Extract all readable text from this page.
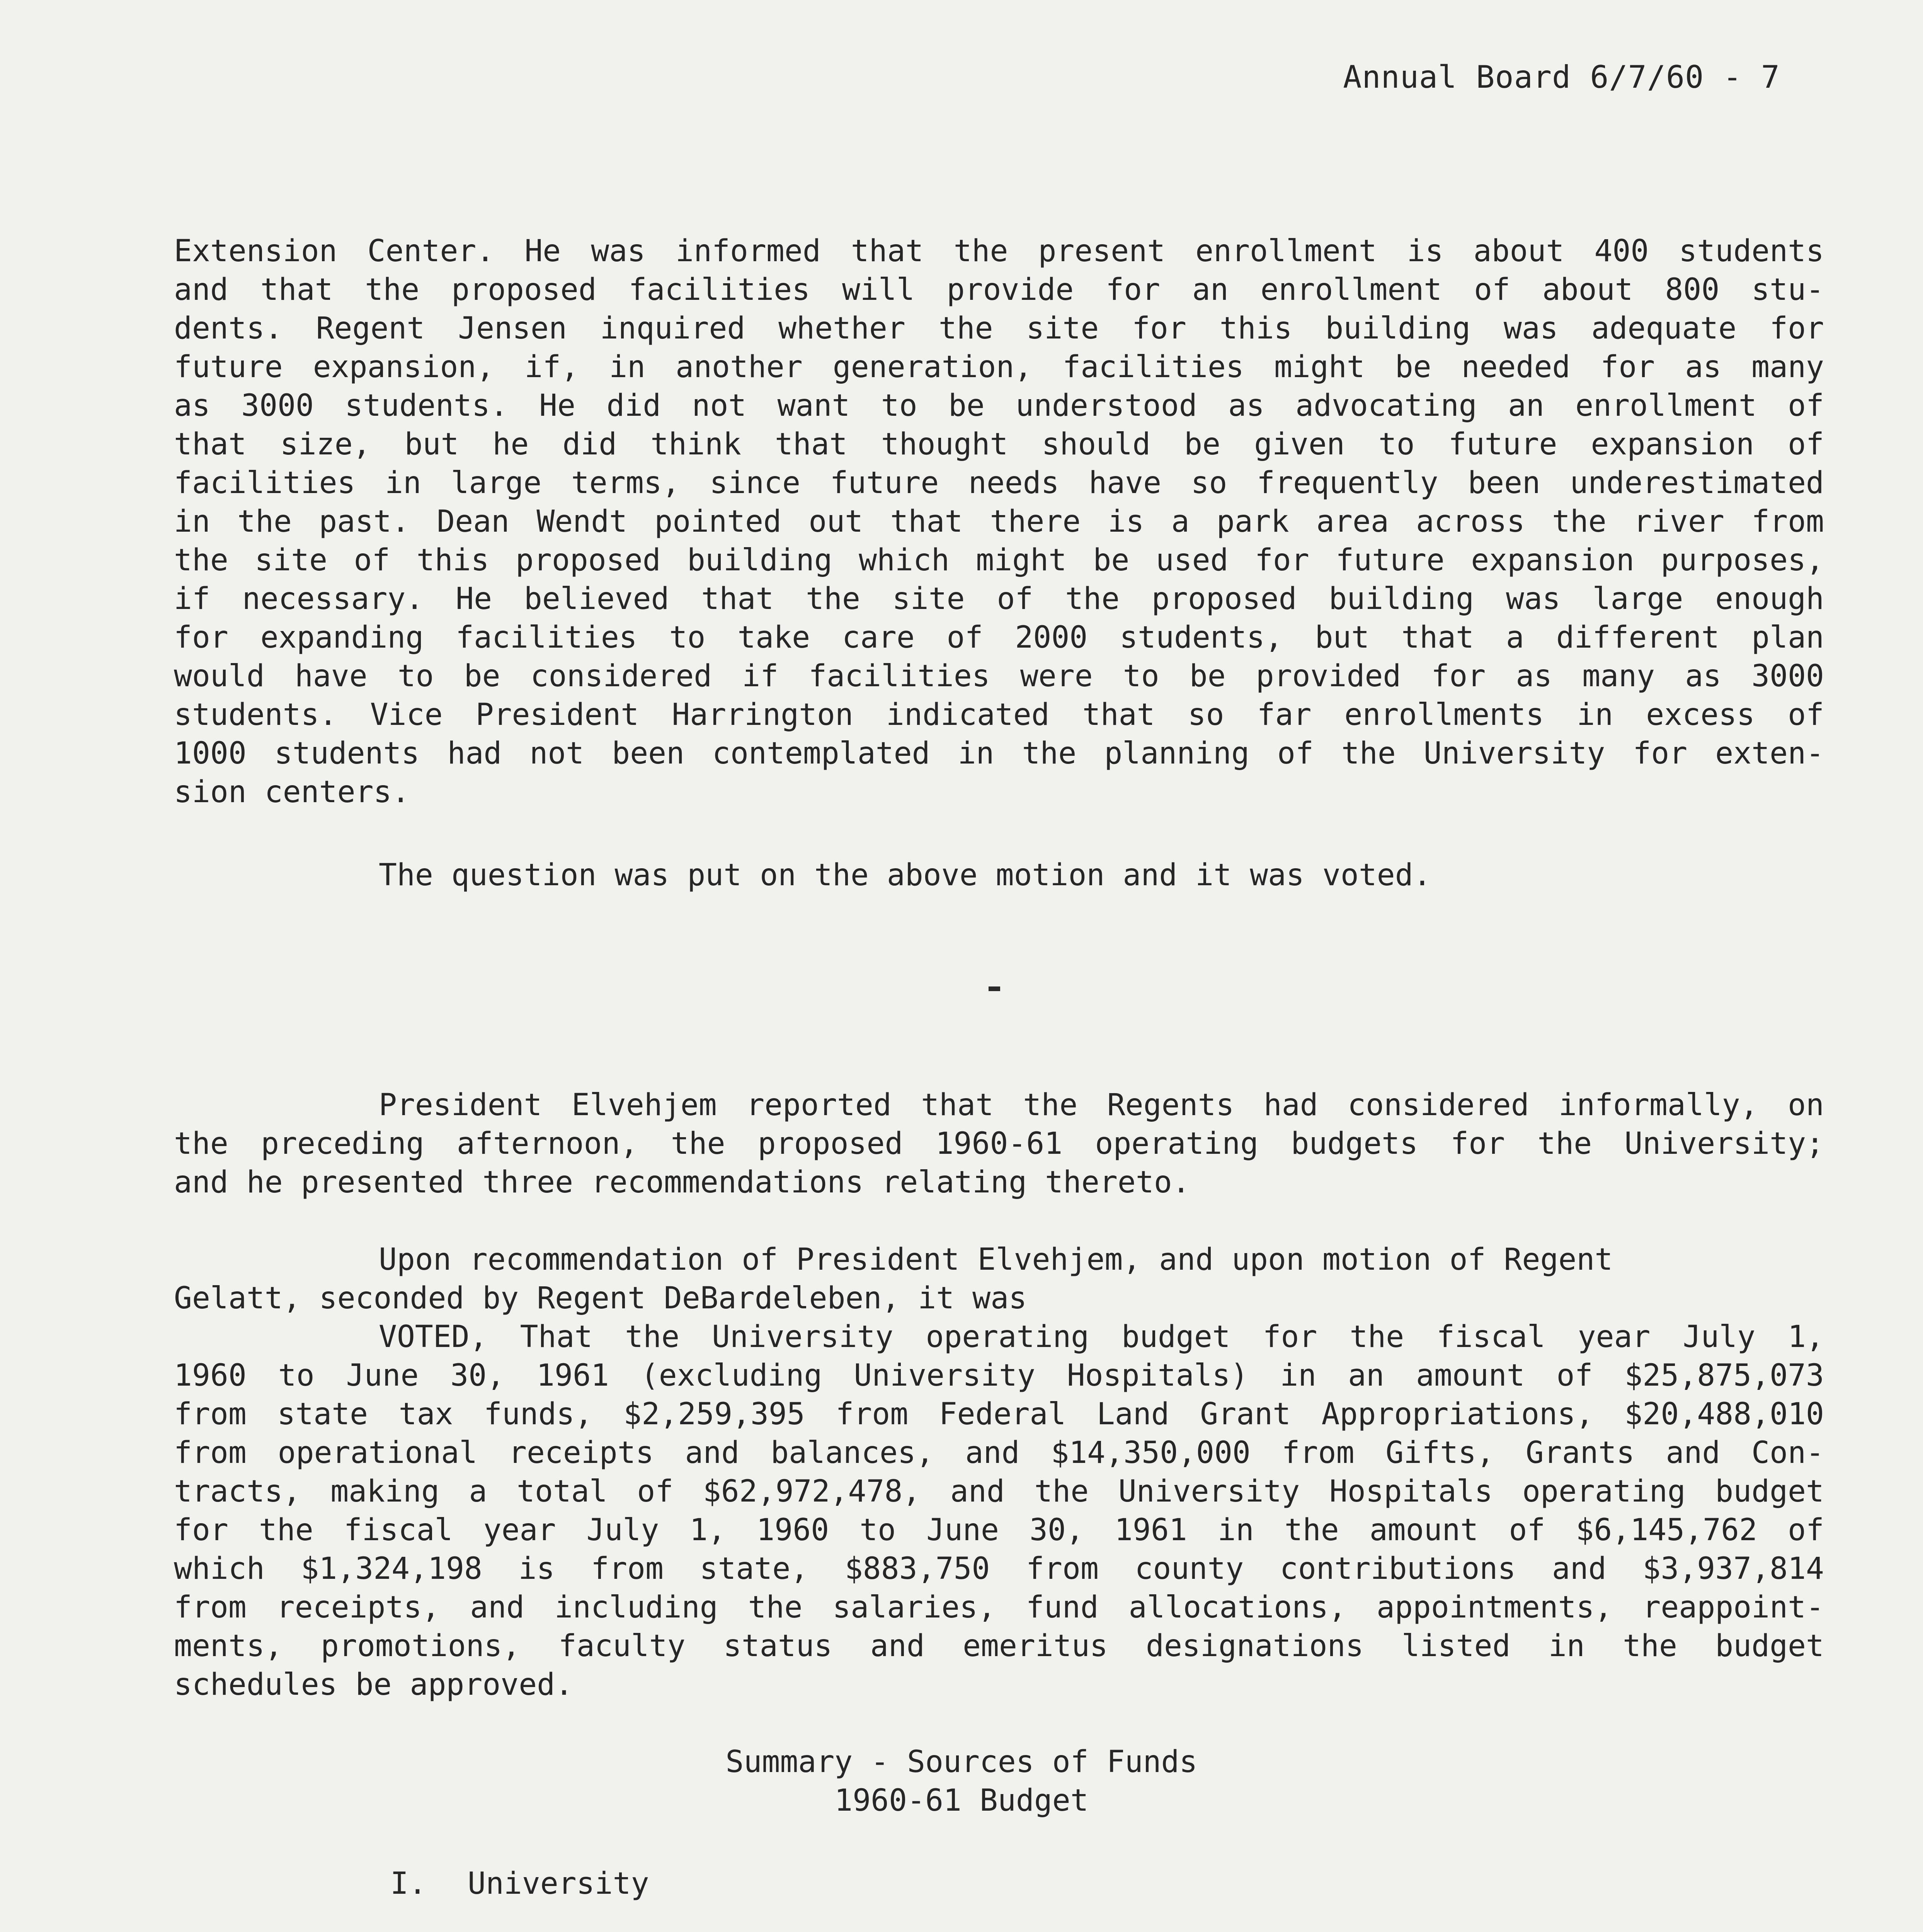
Annual Board 6/7/60 - 7
Extension Center. He was informed that the present enrollment is about 400 students
and that the proposed facilities will provide for an enrollment of about 800 stu-
dents. Regent Jensen inquired whether the site for this building was adequate for
future expansion, if, in another generation, facilities might be needed for as many
as 3000 students. He did not want to be understood as advocating an enrollment of
that size, but he did think that thought should be given to future expansion of
facilities in large terms, since future needs have so frequently been underestimated
in the past. Dean Wendt pointed out that there is a park area across the river from
the site of this proposed building which might be used for future expansion purposes,
if necessary. He believed that the site of the proposed building was large enough
for expanding facilities to take care of 2000 students, but that a different plan
would have to be considered if facilities were to be provided for as many as 3000
students. Vice President Harrington indicated that so far enrollments in excess of
1000 students had not been contemplated in the planning of the University for exten-
sion centers.
The question was put on the above motion and it was voted.
President Elvehjem reported that the Regents had considered informally, on
the preceding afternoon, the proposed 1960-61 operating budgets for the University;
and he presented three recommendations relating thereto.
Upon recommendation of President Elvehjem, and upon motion of Regent
Gelatt, seconded by Regent DeBardeleben, it was
VOTED, That the University operating budget for the fiscal year July 1,
1960 to June 30, 1961 (excluding University Hospitals) in an amount of $25,875,073
from state tax funds, $2,259,395 from Federal Land Grant Appropriations, $20,488,010
from operational receipts and balances, and $14,350,000 from Gifts, Grants and Con-
tracts, making a total of $62,972,478, and the University Hospitals operating budget
for the fiscal year July 1, 1960 to June 30, 1961 in the amount of $6,145,762 of
which $1,324,198 is from state, $883,750 from county contributions and $3,937,814
from receipts, and including the salaries, fund allocations, appointments, reappoint-
ments, promotions, faculty status and emeritus designations listed in the budget
schedules be approved.
Summary - Sources of Funds
1960-61 Budget
I. University
